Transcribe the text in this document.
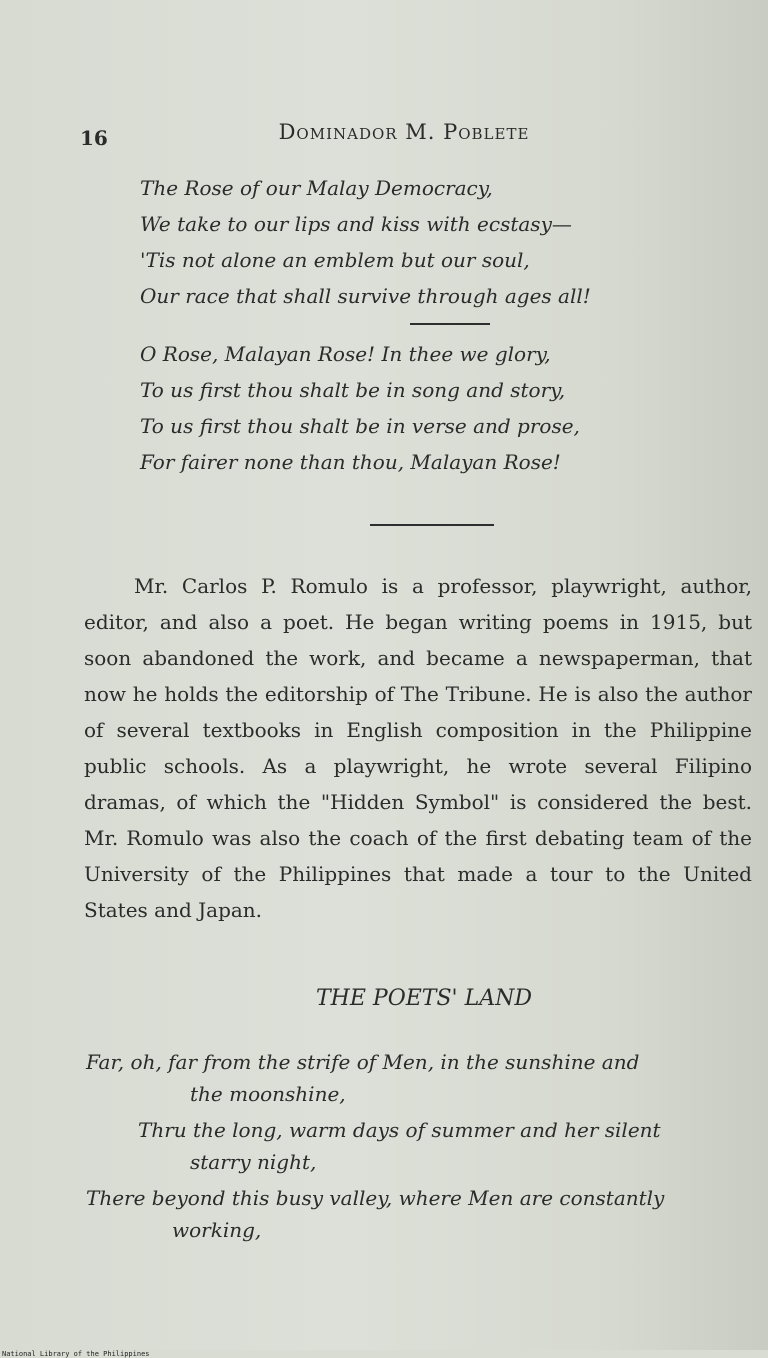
16	Dominador M. Poblete
The Rose of our Malay Democracy,
We take to our lips and kiss with ecstasy—
'Tis not alone an emblem but our soul,
Our race that shall survive through ages all!
O Rose, Malayan Rose! In thee we glory,
To us first thou shalt be in song and story,
To us first thou shalt be in verse and prose,
For fairer none than thou, Malayan Rose!
Mr. Carlos P. Romulo is a professor, playwright, author, editor, and also a poet. He began writing poems in 1915, but soon abandoned the work, and became a newspaperman, that now he holds the editorship of The Tribune. He is also the author of several textbooks in English composition in the Philippine public schools. As a playwright, he wrote several Filipino dramas, of which the "Hidden Symbol" is considered the best. Mr. Romulo was also the coach of the first debating team of the University of the Philippines that made a tour to the United States and Japan.
THE POETS' LAND
Far, oh, far from the strife of Men, in the sunshine and
the moonshine,
Thru the long, warm days of summer and her silent
starry night,
There beyond this busy valley, where Men are constantly
working,
National Library of the Philippines
